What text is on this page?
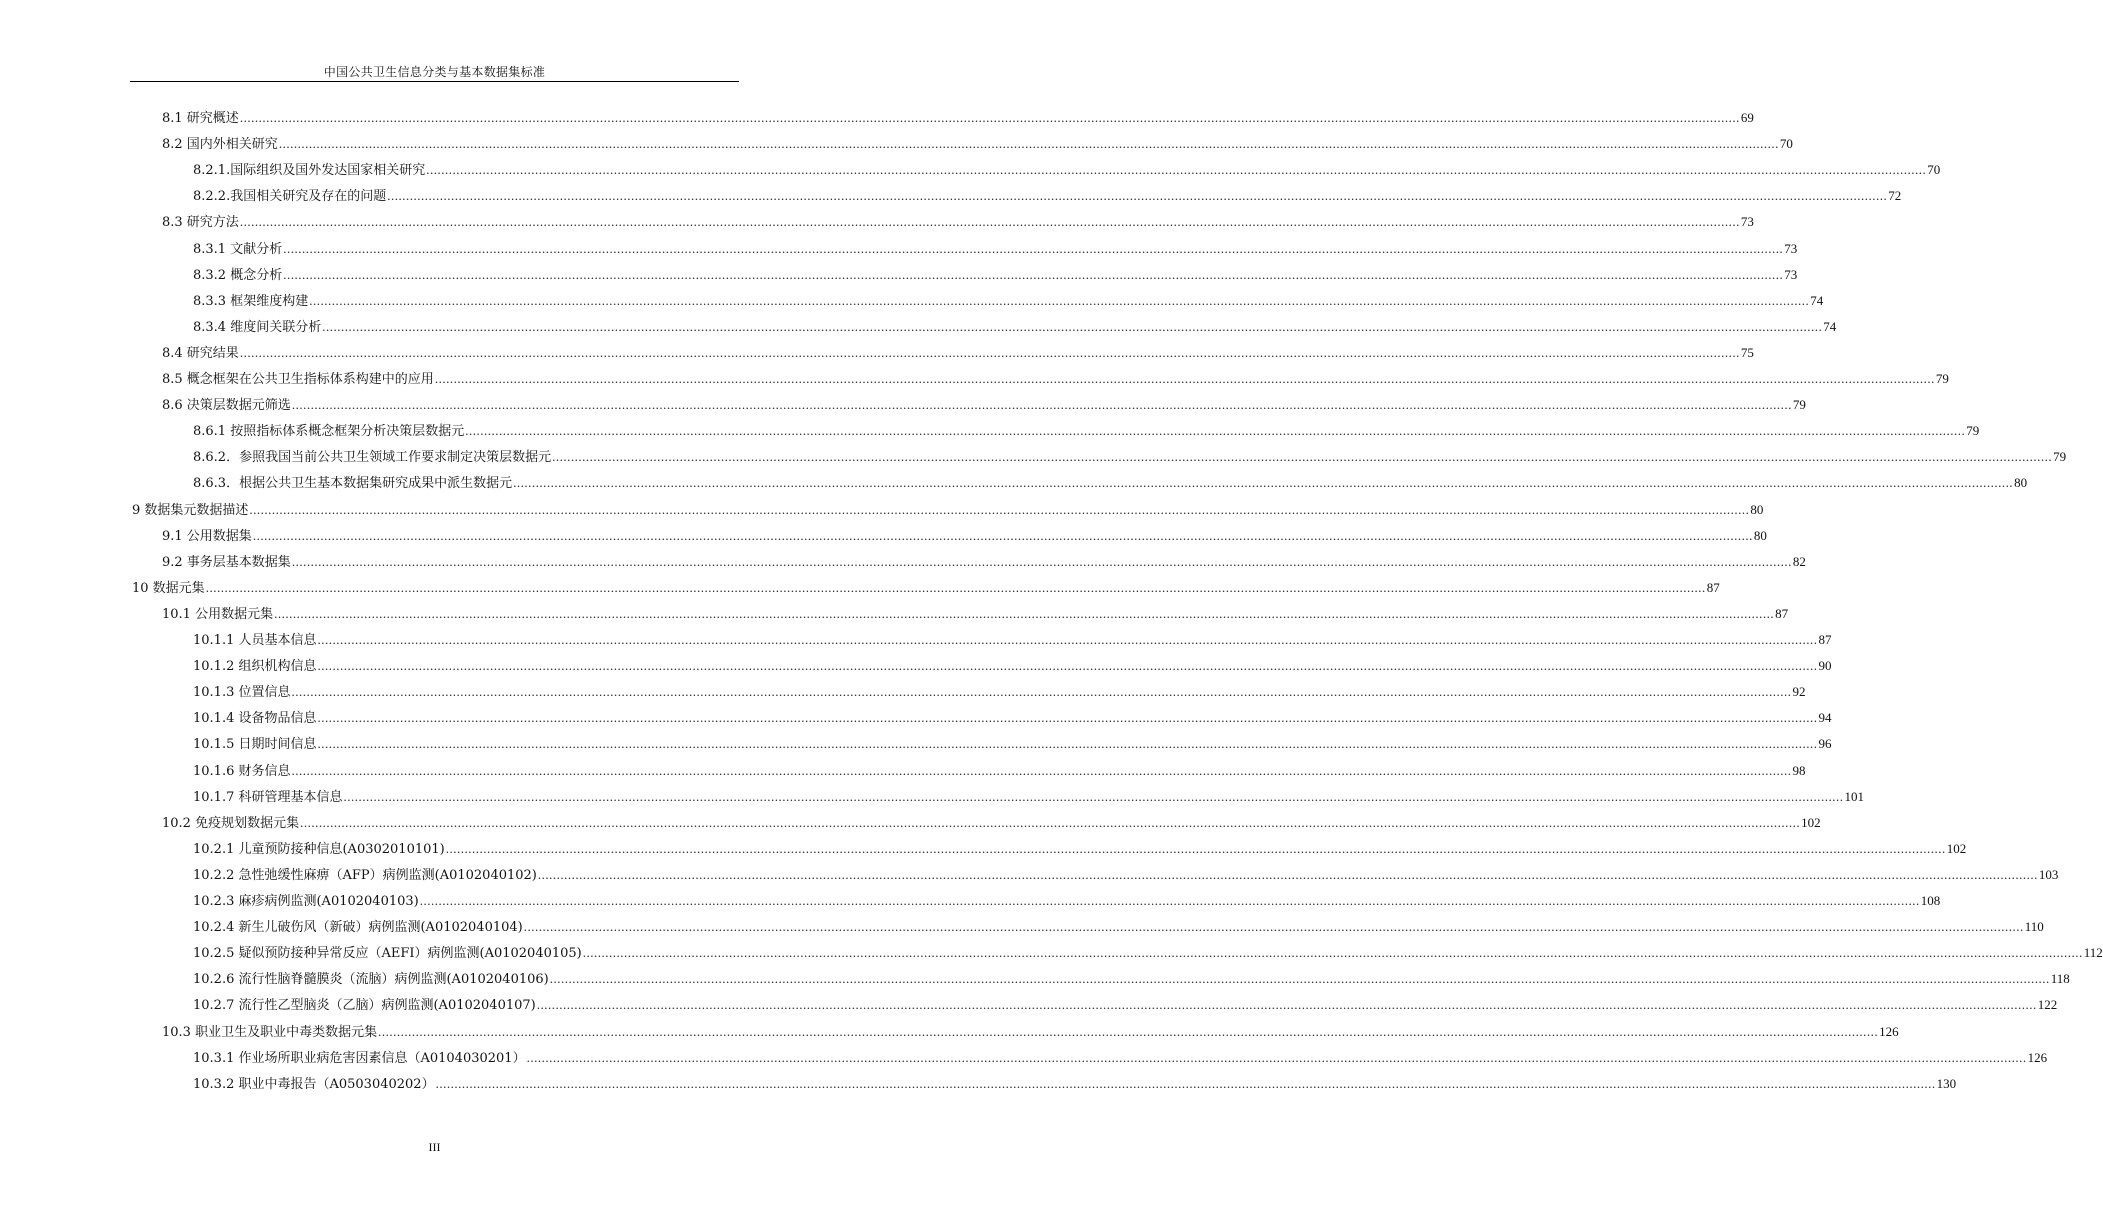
中国公共卫生信息分类与基本数据集标准
8.1 研究概述 ................................................................................................................................................................................................................................................................................................................................................................................................................ 69
8.2 国内外相关研究 ................................................................................................................................................................................................................................................................................................................................................................................................................ 70
8.2.1.国际组织及国外发达国家相关研究 ................................................................................................................................................................................................................................................................................................................................................................................................................ 70
8.2.2.我国相关研究及存在的问题 ................................................................................................................................................................................................................................................................................................................................................................................................................ 72
8.3 研究方法 ................................................................................................................................................................................................................................................................................................................................................................................................................ 73
8.3.1 文献分析 ................................................................................................................................................................................................................................................................................................................................................................................................................ 73
8.3.2 概念分析 ................................................................................................................................................................................................................................................................................................................................................................................................................ 73
8.3.3 框架维度构建 ................................................................................................................................................................................................................................................................................................................................................................................................................ 74
8.3.4 维度间关联分析 ................................................................................................................................................................................................................................................................................................................................................................................................................ 74
8.4 研究结果 ................................................................................................................................................................................................................................................................................................................................................................................................................ 75
8.5 概念框架在公共卫生指标体系构建中的应用 ................................................................................................................................................................................................................................................................................................................................................................................................................ 79
8.6 决策层数据元筛选 ................................................................................................................................................................................................................................................................................................................................................................................................................ 79
8.6.1 按照指标体系概念框架分析决策层数据元 ................................................................................................................................................................................................................................................................................................................................................................................................................ 79
8.6.2．参照我国当前公共卫生领域工作要求制定决策层数据元 ................................................................................................................................................................................................................................................................................................................................................................................................................ 79
8.6.3．根据公共卫生基本数据集研究成果中派生数据元 ................................................................................................................................................................................................................................................................................................................................................................................................................ 80
9 数据集元数据描述 ................................................................................................................................................................................................................................................................................................................................................................................................................ 80
9.1 公用数据集 ................................................................................................................................................................................................................................................................................................................................................................................................................ 80
9.2 事务层基本数据集 ................................................................................................................................................................................................................................................................................................................................................................................................................ 82
10 数据元集 ................................................................................................................................................................................................................................................................................................................................................................................................................ 87
10.1 公用数据元集 ................................................................................................................................................................................................................................................................................................................................................................................................................ 87
10.1.1 人员基本信息 ................................................................................................................................................................................................................................................................................................................................................................................................................ 87
10.1.2 组织机构信息 ................................................................................................................................................................................................................................................................................................................................................................................................................ 90
10.1.3 位置信息 ................................................................................................................................................................................................................................................................................................................................................................................................................ 92
10.1.4 设备物品信息 ................................................................................................................................................................................................................................................................................................................................................................................................................ 94
10.1.5 日期时间信息 ................................................................................................................................................................................................................................................................................................................................................................................................................ 96
10.1.6 财务信息 ................................................................................................................................................................................................................................................................................................................................................................................................................ 98
10.1.7 科研管理基本信息 ................................................................................................................................................................................................................................................................................................................................................................................................................ 101
10.2 免疫规划数据元集 ................................................................................................................................................................................................................................................................................................................................................................................................................ 102
10.2.1 儿童预防接种信息(A0302010101) ................................................................................................................................................................................................................................................................................................................................................................................................................ 102
10.2.2 急性弛缓性麻痹（AFP）病例监测(A0102040102) ................................................................................................................................................................................................................................................................................................................................................................................................................ 103
10.2.3 麻疹病例监测(A0102040103) ................................................................................................................................................................................................................................................................................................................................................................................................................ 108
10.2.4 新生儿破伤风（新破）病例监测(A0102040104) ................................................................................................................................................................................................................................................................................................................................................................................................................ 110
10.2.5 疑似预防接种异常反应（AEFI）病例监测(A0102040105) ................................................................................................................................................................................................................................................................................................................................................................................................................ 112
10.2.6 流行性脑脊髓膜炎（流脑）病例监测(A0102040106) ................................................................................................................................................................................................................................................................................................................................................................................................................ 118
10.2.7 流行性乙型脑炎（乙脑）病例监测(A0102040107) ................................................................................................................................................................................................................................................................................................................................................................................................................ 122
10.3 职业卫生及职业中毒类数据元集 ................................................................................................................................................................................................................................................................................................................................................................................................................ 126
10.3.1 作业场所职业病危害因素信息（A0104030201） ................................................................................................................................................................................................................................................................................................................................................................................................................ 126
10.3.2 职业中毒报告（A0503040202） ................................................................................................................................................................................................................................................................................................................................................................................................................ 130
III
